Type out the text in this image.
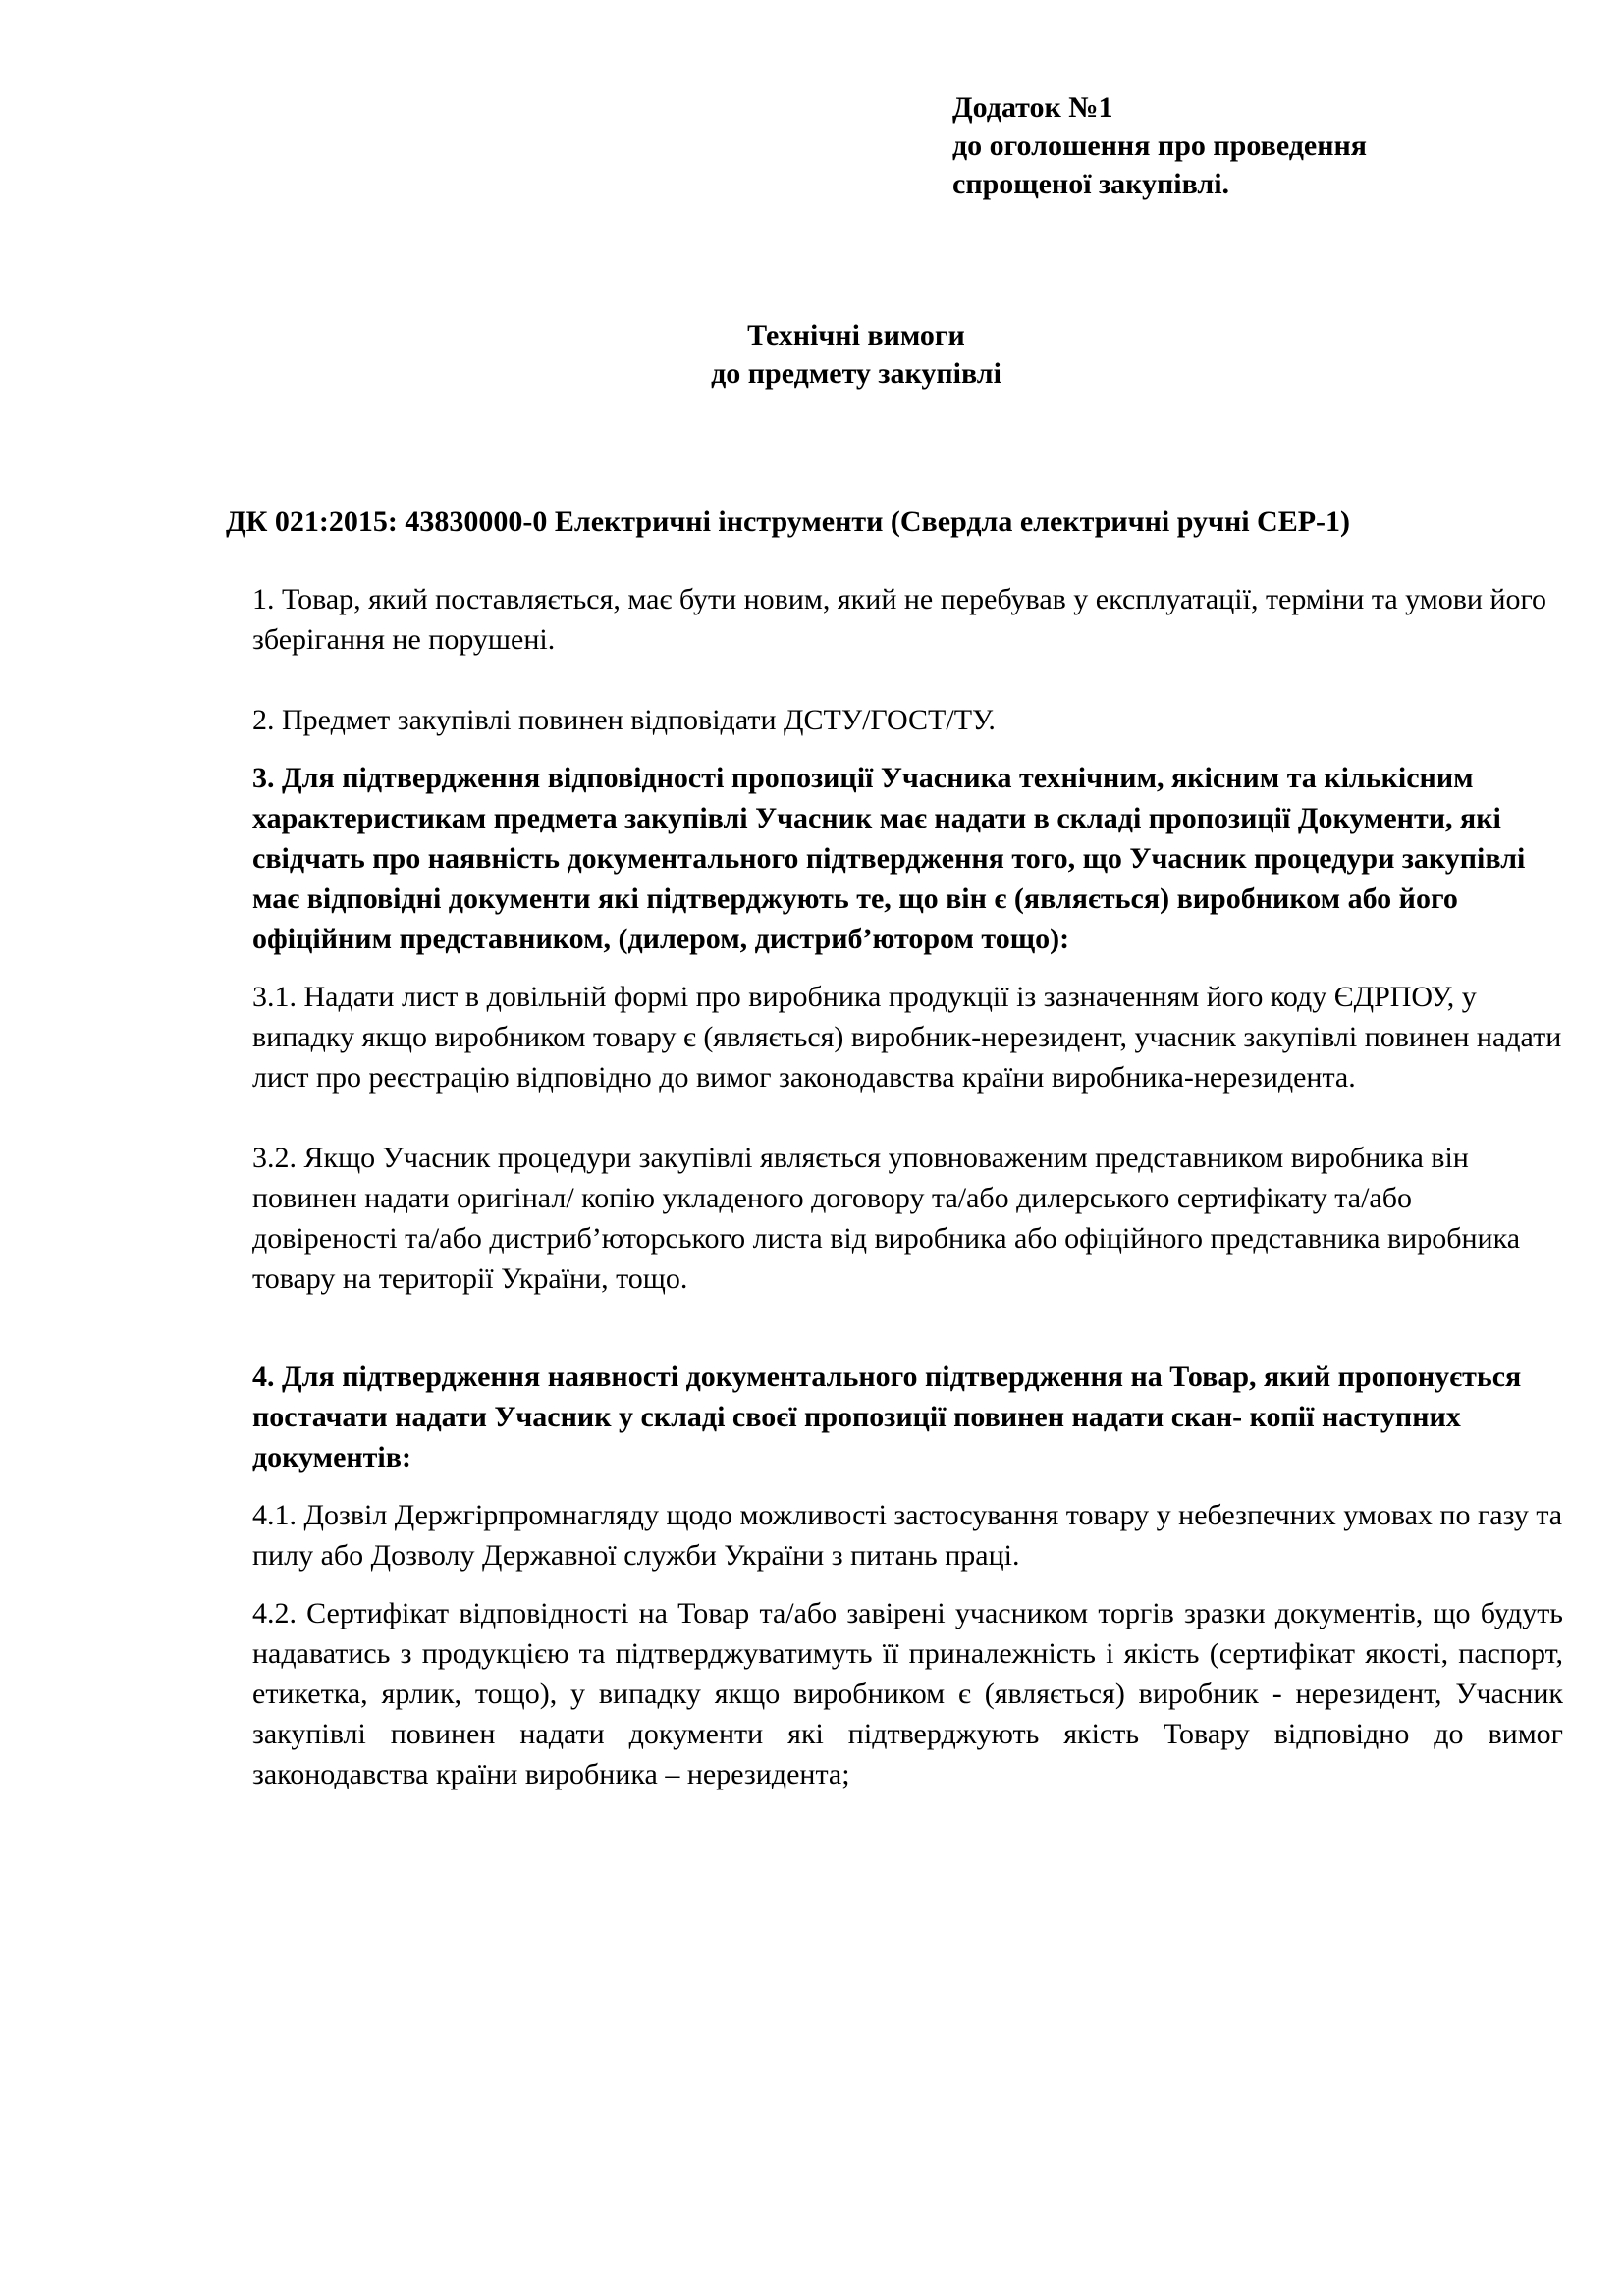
Додаток №1
до оголошення про проведення
спрощеної закупівлі.
Технічні вимоги
до предмету закупівлі
ДК 021:2015: 43830000-0 Електричні інструменти (Свердла електричні ручні СЕР-1)

1. Товар, який поставляється, має бути новим, який не перебував у експлуатації, терміни та умови його зберігання не порушені.

2. Предмет закупівлі повинен відповідати ДСТУ/ГОСТ/ТУ.

3. Для підтвердження відповідності пропозиції Учасника технічним, якісним та кількісним характеристикам предмета закупівлі Учасник має надати в складі пропозиції Документи, які свідчать про наявність документального підтвердження того, що Учасник процедури закупівлі має відповідні документи які підтверджують те, що він є (являється) виробником або його офіційним представником, (дилером, дистриб’ютором тощо):

3.1. Надати лист в довільній формі про виробника продукції із зазначенням його коду ЄДРПОУ, у випадку якщо виробником товару є (являється) виробник-нерезидент, учасник закупівлі повинен надати лист про реєстрацію відповідно до вимог законодавства країни виробника-нерезидента.

3.2. Якщо Учасник процедури закупівлі являється уповноваженим представником виробника він повинен надати оригінал/ копію укладеного договору та/або дилерського сертифікату та/або довіреності та/або дистриб’юторського листа від виробника або офіційного представника виробника товару на території України, тощо.

4. Для підтвердження наявності документального підтвердження на Товар, який пропонується постачати надати Учасник у складі своєї пропозиції повинен надати скан- копії наступних документів:

4.1. Дозвіл Держгірпромнагляду щодо можливості застосування товару у небезпечних умовах по газу та пилу або Дозволу Державної служби України з питань праці.

4.2. Сертифікат відповідності на Товар та/або завірені учасником торгів зразки документів, що будуть надаватись з продукцією та підтверджуватимуть її приналежність і якість (сертифікат якості, паспорт, етикетка, ярлик, тощо), у випадку якщо виробником є (являється) виробник - нерезидент, Учасник закупівлі повинен надати документи які підтверджують якість Товару відповідно до вимог законодавства країни виробника – нерезидента;
